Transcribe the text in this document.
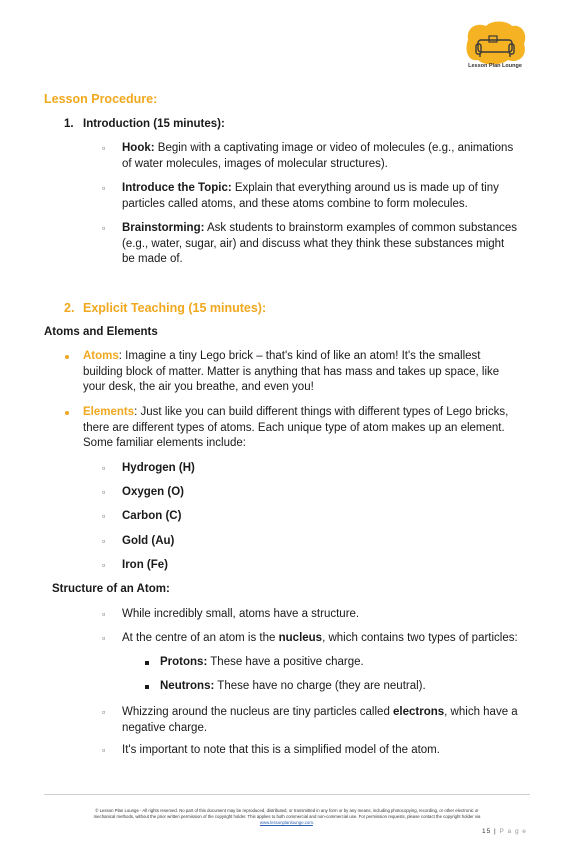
Lesson Plan Lounge
Lesson Procedure:
1. Introduction (15 minutes):
▫ Hook: Begin with a captivating image or video of molecules (e.g., animations
of water molecules, images of molecular structures).
▫ Introduce the Topic: Explain that everything around us is made up of tiny
particles called atoms, and these atoms combine to form molecules.
▫ Brainstorming: Ask students to brainstorm examples of common substances
(e.g., water, sugar, air) and discuss what they think these substances might
be made of.
2. Explicit Teaching (15 minutes):
Atoms and Elements
Atoms: Imagine a tiny Lego brick – that's kind of like an atom! It's the smallest
building block of matter. Matter is anything that has mass and takes up space, like
your desk, the air you breathe, and even you!
Elements: Just like you can build different things with different types of Lego bricks,
there are different types of atoms. Each unique type of atom makes up an element.
Some familiar elements include:
▫ Hydrogen (H)
▫ Oxygen (O)
▫ Carbon (C)
▫ Gold (Au)
▫ Iron (Fe)
Structure of an Atom:
▫ While incredibly small, atoms have a structure.
▫ At the centre of an atom is the nucleus, which contains two types of particles:
Protons: These have a positive charge.
Neutrons: These have no charge (they are neutral).
▫ Whizzing around the nucleus are tiny particles called electrons, which have a
negative charge.
▫ It's important to note that this is a simplified model of the atom.
© Lesson Plan Lounge - All rights reserved. No part of this document may be reproduced, distributed, or transmitted in any form or by any means, including photocopying, recording, or other electronic or
mechanical methods, without the prior written permission of the copyright holder. This applies to both commercial and non-commercial use. For permission requests, please contact the copyright holder via
www.lessonplanlounge.com.
15 | P a g e
